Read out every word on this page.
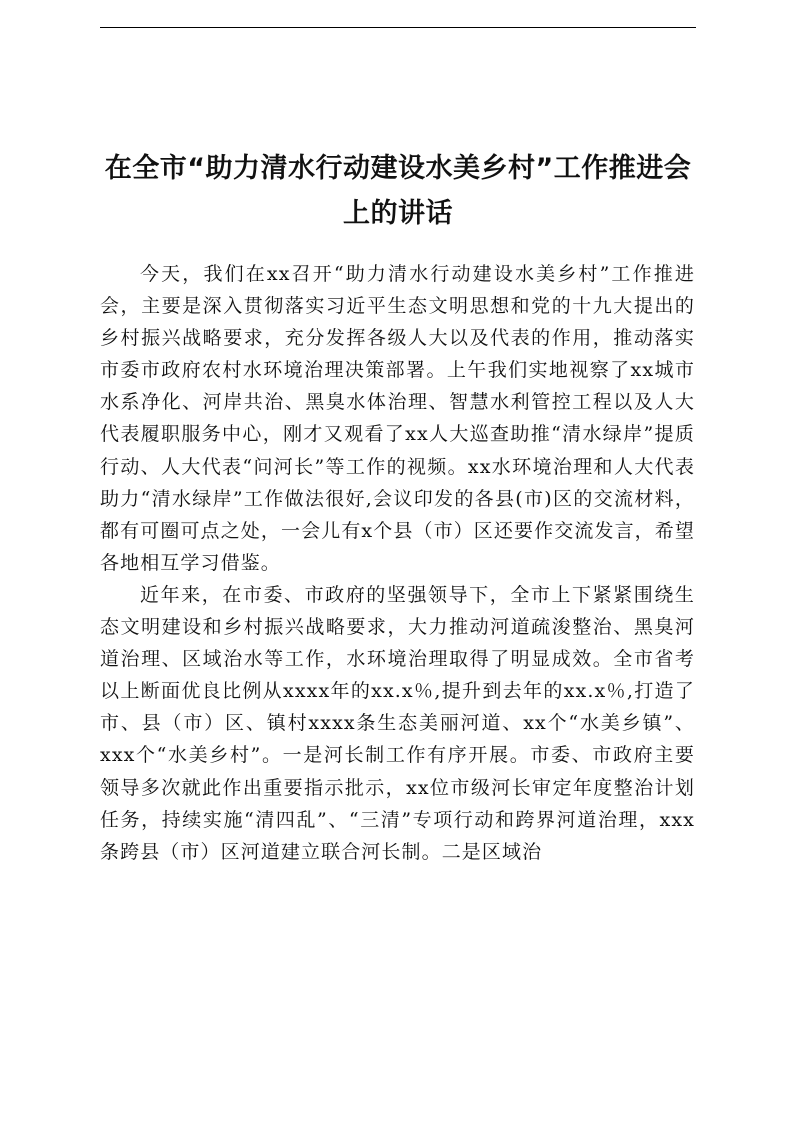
在全市“助力清水行动建设水美乡村”工作推进会上的讲话

今天，我们在xx召开“助力清水行动建设水美乡村”工作推进会，主要是深入贯彻落实习近平生态文明思想和党的十九大提出的乡村振兴战略要求，充分发挥各级人大以及代表的作用，推动落实市委市政府农村水环境治理决策部署。上午我们实地视察了xx城市水系净化、河岸共治、黑臭水体治理、智慧水利管控工程以及人大代表履职服务中心，刚才又观看了xx人大巡查助推“清水绿岸”提质行动、人大代表“问河长”等工作的视频。xx水环境治理和人大代表助力“清水绿岸”工作做法很好,会议印发的各县(市)区的交流材料，都有可圈可点之处，一会儿有x个县（市）区还要作交流发言，希望各地相互学习借鉴。

近年来，在市委、市政府的坚强领导下，全市上下紧紧围绕生态文明建设和乡村振兴战略要求，大力推动河道疏浚整治、黑臭河道治理、区域治水等工作，水环境治理取得了明显成效。全市省考以上断面优良比例从xxxx年的xx.x％,提升到去年的xx.x％,打造了市、县（市）区、镇村xxxx条生态美丽河道、xx个“水美乡镇”、xxx个“水美乡村”。一是河长制工作有序开展。市委、市政府主要领导多次就此作出重要指示批示，xx位市级河长审定年度整治计划任务，持续实施“清四乱”、“三清”专项行动和跨界河道治理，xxx条跨县（市）区河道建立联合河长制。二是区域治
